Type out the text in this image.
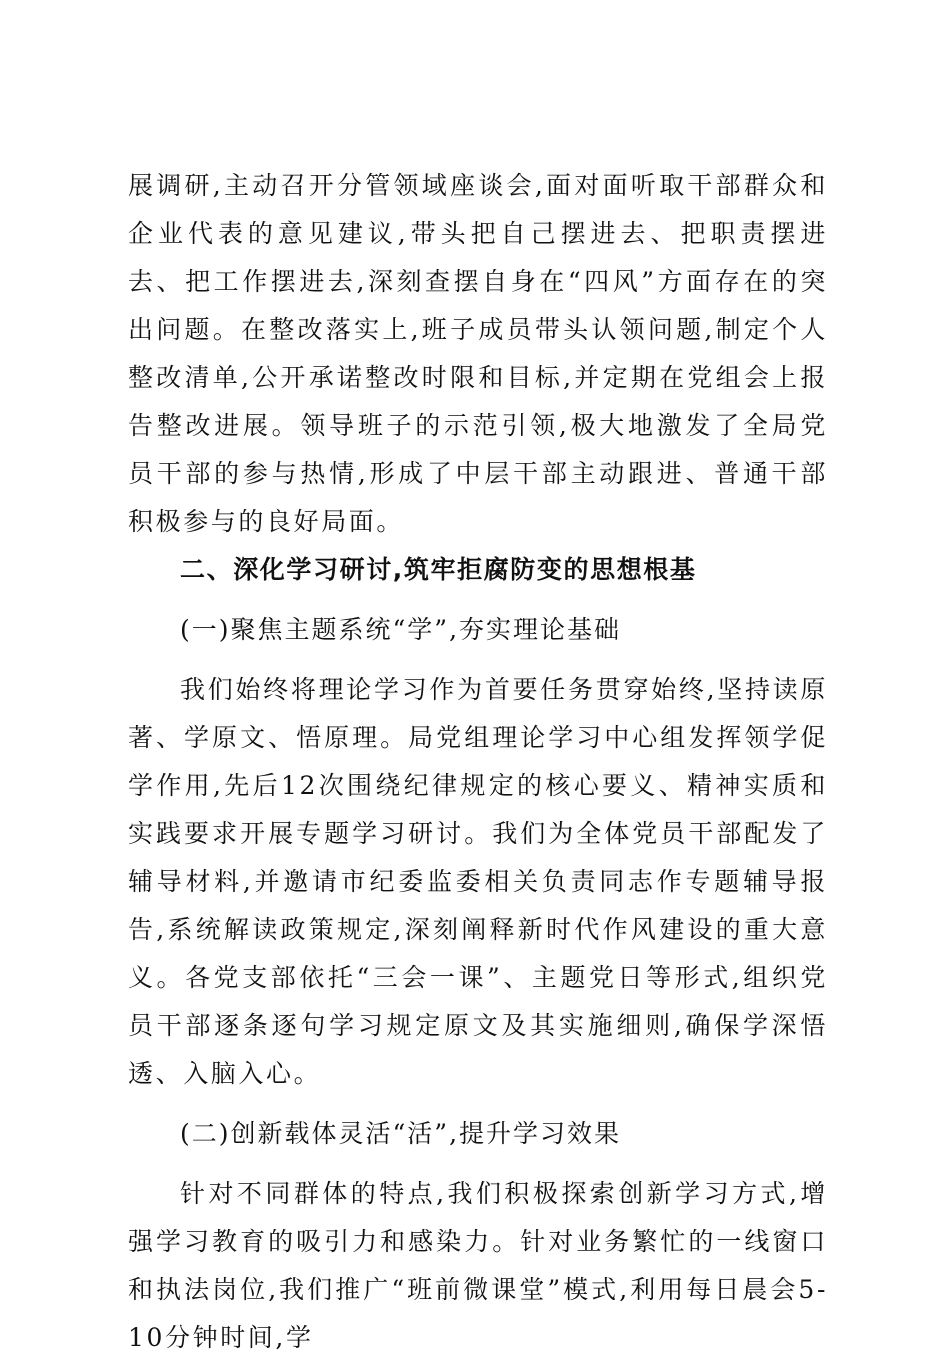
展调研,主动召开分管领域座谈会,面对面听取干部群众和企业代表的意见建议,带头把自己摆进去、把职责摆进去、把工作摆进去,深刻查摆自身在“四风”方面存在的突出问题。在整改落实上,班子成员带头认领问题,制定个人整改清单,公开承诺整改时限和目标,并定期在党组会上报告整改进展。领导班子的示范引领,极大地激发了全局党员干部的参与热情,形成了中层干部主动跟进、普通干部积极参与的良好局面。

二、深化学习研讨,筑牢拒腐防变的思想根基

(一)聚焦主题系统“学”,夯实理论基础

我们始终将理论学习作为首要任务贯穿始终,坚持读原著、学原文、悟原理。局党组理论学习中心组发挥领学促学作用,先后12次围绕纪律规定的核心要义、精神实质和实践要求开展专题学习研讨。我们为全体党员干部配发了辅导材料,并邀请市纪委监委相关负责同志作专题辅导报告,系统解读政策规定,深刻阐释新时代作风建设的重大意义。各党支部依托“三会一课”、主题党日等形式,组织党员干部逐条逐句学习规定原文及其实施细则,确保学深悟透、入脑入心。

(二)创新载体灵活“活”,提升学习效果

针对不同群体的特点,我们积极探索创新学习方式,增强学习教育的吸引力和感染力。针对业务繁忙的一线窗口和执法岗位,我们推广“班前微课堂”模式,利用每日晨会5-10分钟时间,学
